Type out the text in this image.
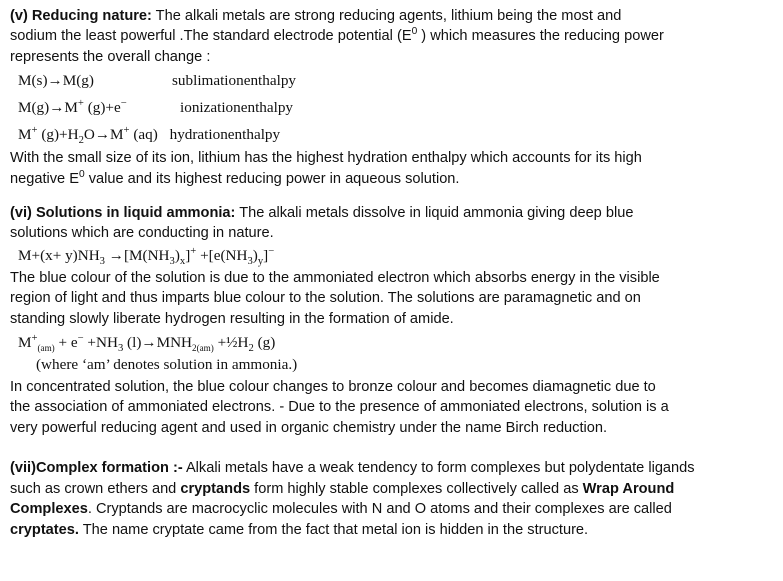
(v) Reducing nature: The alkali metals are strong reducing agents, lithium being the most and sodium the least powerful .The standard electrode potential ($E^0$ ) which measures the reducing power represents the overall change :

M(s)→M(g)	sublimationenthalpy
M(g)→M+ (g)+e−	ionizationenthalpy
M+ $(g)+H_2O\to M^+$ (aq) hydrationenthalpy

With the small size of its ion, lithium has the highest hydration enthalpy which accounts for its high negative $E^0$ value and its highest reducing power in aqueous solution.

(vi) Solutions in liquid ammonia: The alkali metals dissolve in liquid ammonia giving deep blue solutions which are conducting in nature.

$M+(x+ y)NH_3 \to[M(NH_3)_x]^+ +[e(NH_3)_y]^-$

The blue colour of the solution is due to the ammoniated electron which absorbs energy in the visible region of light and thus imparts blue colour to the solution. The solutions are paramagnetic and on standing slowly liberate hydrogen resulting in the formation of amide.

$M^+_{(am)} + e^- +NH_3$ $(l)\to MNH_{2(am)}$ $+\frac{1}{2}H_2$ (g)
(where ‘am’ denotes solution in ammonia.)

In concentrated solution, the blue colour changes to bronze colour and becomes diamagnetic due to the association of ammoniated electrons. - Due to the presence of ammoniated electrons, solution is a very powerful reducing agent and used in organic chemistry under the name Birch reduction.

(vii)Complex formation :- Alkali metals have a weak tendency to form complexes but polydentate ligands such as crown ethers and cryptands form highly stable complexes collectively called as Wrap Around Complexes. Cryptands are macrocyclic molecules with N and O atoms and their complexes are called cryptates. The name cryptate came from the fact that metal ion is hidden in the structure.
